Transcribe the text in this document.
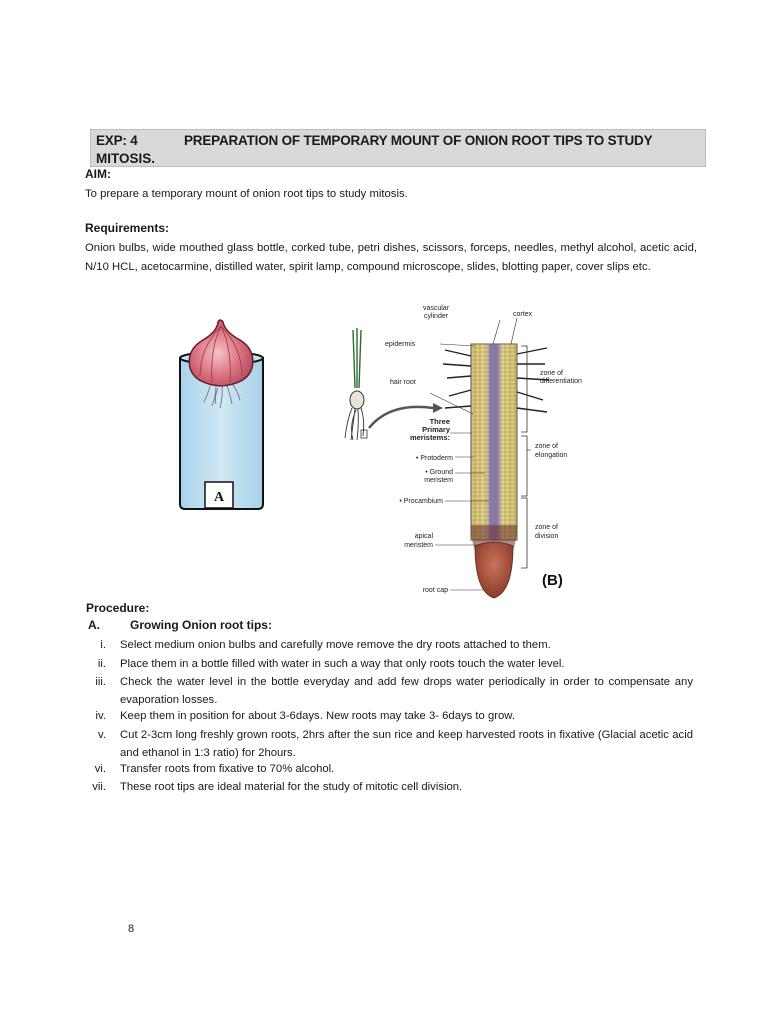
EXP: 4	PREPARATION OF TEMPORARY MOUNT OF ONION ROOT TIPS TO STUDY
MITOSIS.
AIM:
To prepare a temporary mount of onion root tips to study mitosis.
Requirements:
Onion bulbs, wide mouthed glass bottle, corked tube, petri dishes, scissors, forceps, needles, methyl alcohol, acetic acid, N/10 HCL, acetocarmine, distilled water, spirit lamp, compound microscope, slides, blotting paper, cover slips etc.
A
vascular
cylinder	cortex
epidermis
hair root
Three
Primary
meristems:
• Protoderm
• Ground
meristem
• Procambium
apical
meristem
root cap
zone of
differentiation
zone of
elongation
zone of
division
(B)
Procedure:
A.	Growing Onion root tips:
i. Select medium onion bulbs and carefully move remove the dry roots attached to them.
ii. Place them in a bottle filled with water in such a way that only roots touch the water level.
iii. Check the water level in the bottle everyday and add few drops water periodically in order to compensate any evaporation losses.
iv. Keep them in position for about 3-6days. New roots may take 3- 6days to grow.
v. Cut 2-3cm long freshly grown roots, 2hrs after the sun rice and keep harvested roots in fixative (Glacial acetic acid and ethanol in 1:3 ratio) for 2hours.
vi. Transfer roots from fixative to 70% alcohol.
vii. These root tips are ideal material for the study of mitotic cell division.
8
